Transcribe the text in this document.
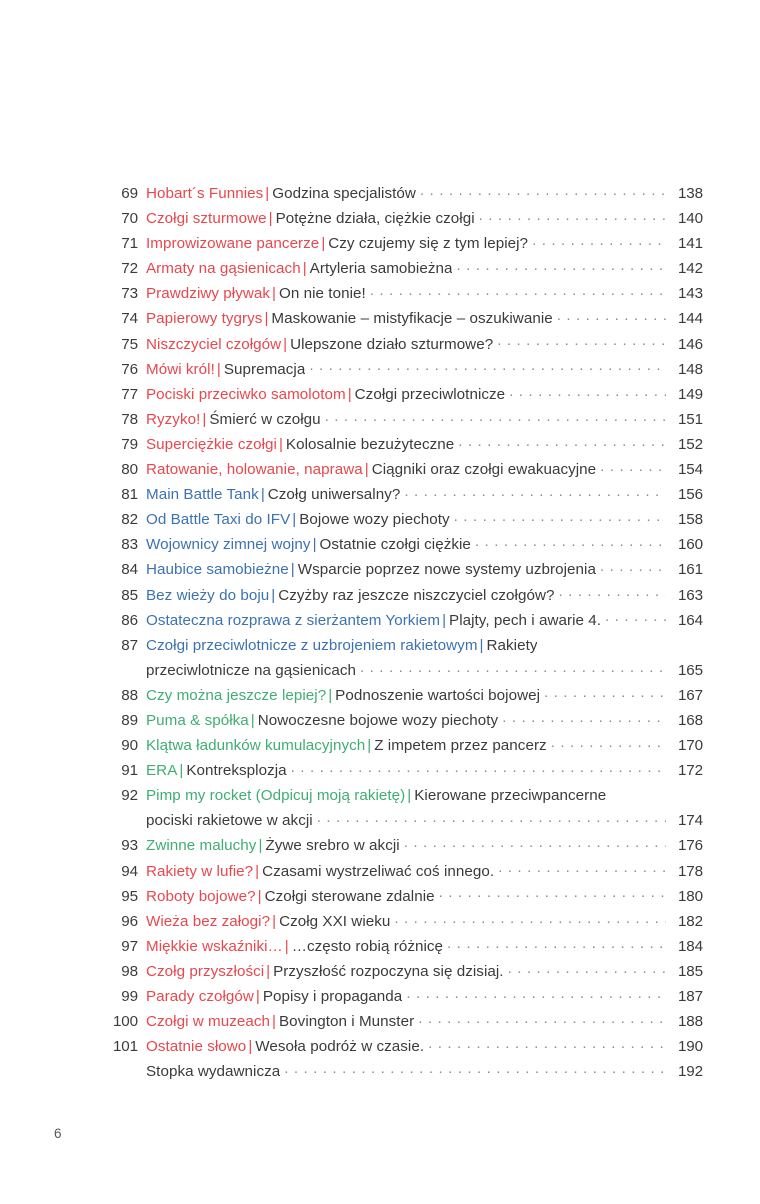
69 Hobart´s Funnies | Godzina specjalistów . . .	138
70 Czołgi szturmowe | Potężne działa, ciężkie czołgi . . .	140
71 Improwizowane pancerze | Czy czujemy się z tym lepiej? . . .	141
72 Armaty na gąsienicach | Artyleria samobieżna . . .	142
73 Prawdziwy pływak | On nie tonie! . . .	143
74 Papierowy tygrys | Maskowanie – mistyfikacje – oszukiwanie . . .	144
75 Niszczyciel czołgów | Ulepszone działo szturmowe? . . .	146
76 Mówi król! | Supremacja . . .	148
77 Pociski przeciwko samolotom | Czołgi przeciwlotnicze . . .	149
78 Ryzyko! | Śmierć w czołgu . . .	151
79 Superciężkie czołgi | Kolosalnie bezużyteczne . . .	152
80 Ratowanie, holowanie, naprawa | Ciągniki oraz czołgi ewakuacyjne . . .	154
81 Main Battle Tank | Czołg uniwersalny? . . .	156
82 Od Battle Taxi do IFV | Bojowe wozy piechoty . . .	158
83 Wojownicy zimnej wojny | Ostatnie czołgi ciężkie . . .	160
84 Haubice samobieżne | Wsparcie poprzez nowe systemy uzbrojenia . . .	161
85 Bez wieży do boju | Czyżby raz jeszcze niszczyciel czołgów? . . .	163
86 Ostateczna rozprawa z sierżantem Yorkiem | Plajty, pech i awarie 4. . . .	164
87 Czołgi przeciwlotnicze z uzbrojeniem rakietowym | Rakiety
przeciwlotnicze na gąsienicach . . .	165
88 Czy można jeszcze lepiej? | Podnoszenie wartości bojowej . . .	167
89 Puma & spółka | Nowoczesne bojowe wozy piechoty . . .	168
90 Klątwa ładunków kumulacyjnych | Z impetem przez pancerz . . .	170
91 ERA | Kontreksplozja . . .	172
92 Pimp my rocket (Odpicuj moją rakietę) | Kierowane przeciwpancerne
pociski rakietowe w akcji . . .	174
93 Zwinne maluchy | Żywe srebro w akcji . . .	176
94 Rakiety w lufie? | Czasami wystrzeliwać coś innego. . . .	178
95 Roboty bojowe? | Czołgi sterowane zdalnie . . .	180
96 Wieża bez załogi? | Czołg XXI wieku . . .	182
97 Miękkie wskaźniki… | …często robią różnicę . . .	184
98 Czołg przyszłości | Przyszłość rozpoczyna się dzisiaj. . . .	185
99 Parady czołgów | Popisy i propaganda . . .	187
100 Czołgi w muzeach | Bovington i Munster . . .	188
101 Ostatnie słowo | Wesoła podróż w czasie. . . .	190
Stopka wydawnicza . . .	192
6
